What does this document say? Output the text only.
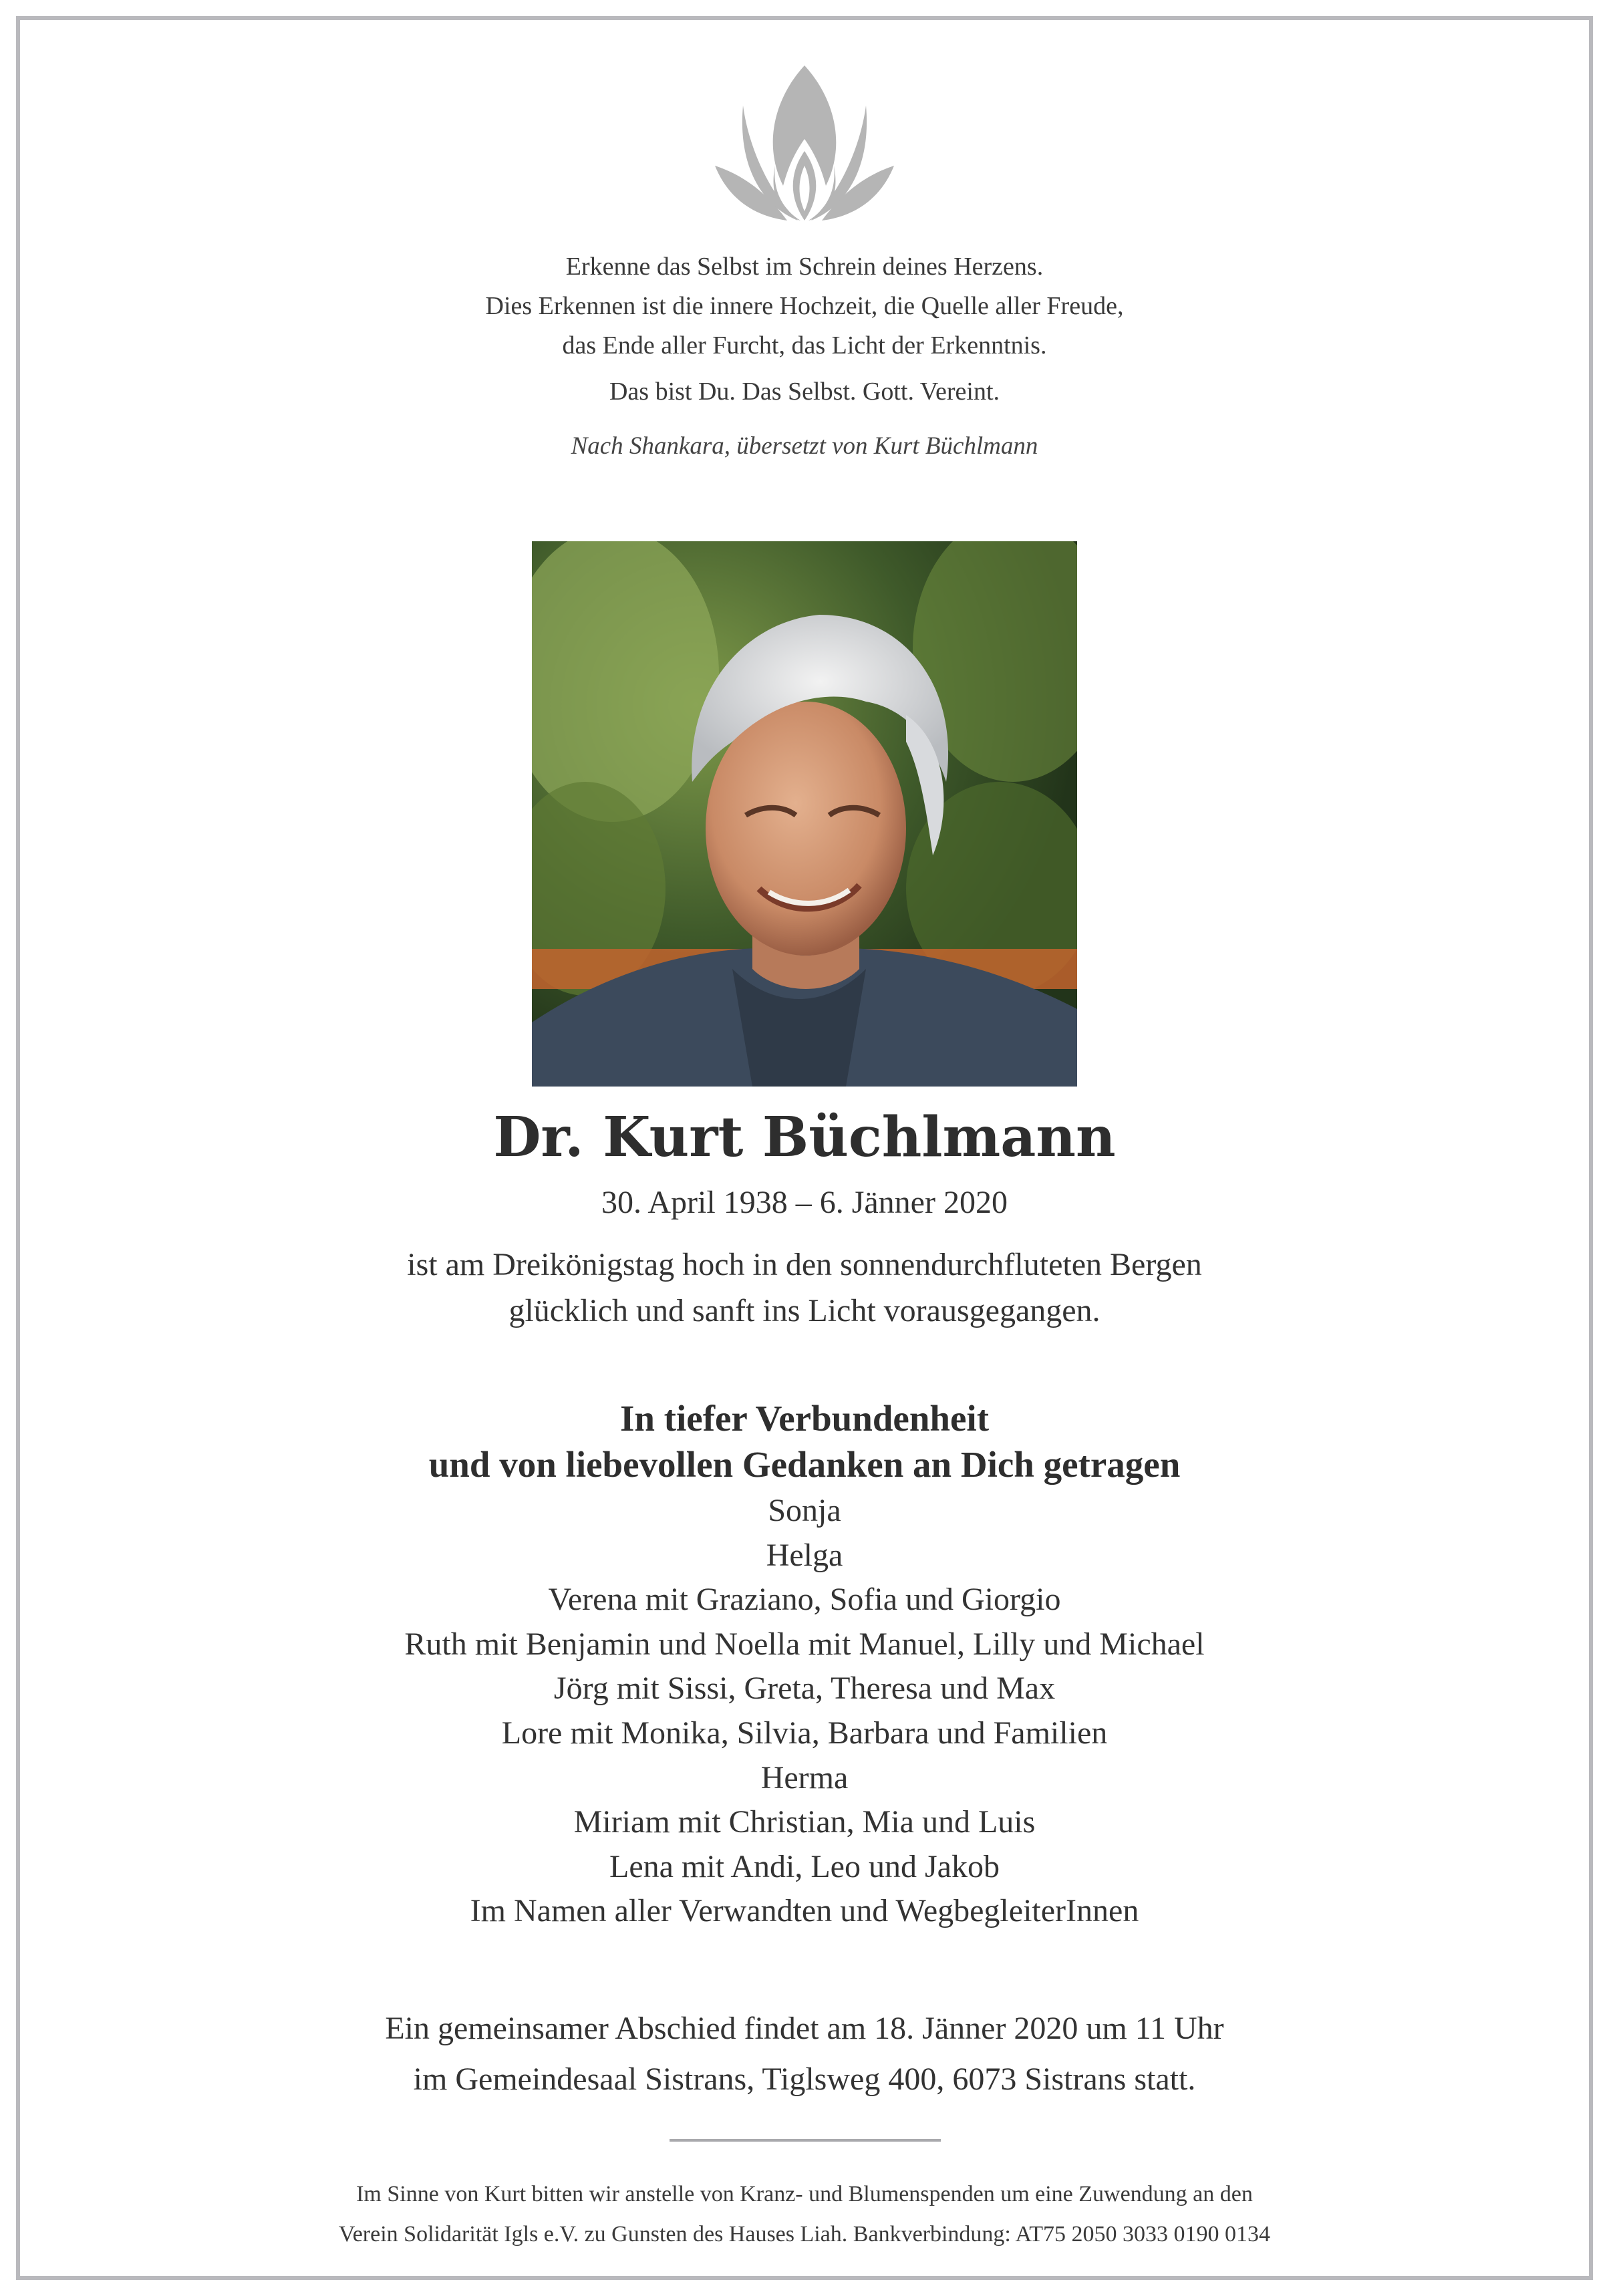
Erkenne das Selbst im Schrein deines Herzens.
Dies Erkennen ist die innere Hochzeit, die Quelle aller Freude,
das Ende aller Furcht, das Licht der Erkenntnis.
Das bist Du. Das Selbst. Gott. Vereint.
Nach Shankara, übersetzt von Kurt Büchlmann
Dr. Kurt Büchlmann
30. April 1938 – 6. Jänner 2020
ist am Dreikönigstag hoch in den sonnendurchfluteten Bergen
glücklich und sanft ins Licht vorausgegangen.
In tiefer Verbundenheit
und von liebevollen Gedanken an Dich getragen
Sonja
Helga
Verena mit Graziano, Sofia und Giorgio
Ruth mit Benjamin und Noella mit Manuel, Lilly und Michael
Jörg mit Sissi, Greta, Theresa und Max
Lore mit Monika, Silvia, Barbara und Familien
Herma
Miriam mit Christian, Mia und Luis
Lena mit Andi, Leo und Jakob
Im Namen aller Verwandten und WegbegleiterInnen
Ein gemeinsamer Abschied findet am 18. Jänner 2020 um 11 Uhr
im Gemeindesaal Sistrans, Tiglsweg 400, 6073 Sistrans statt.
Im Sinne von Kurt bitten wir anstelle von Kranz- und Blumenspenden um eine Zuwendung an den
Verein Solidarität Igls e.V. zu Gunsten des Hauses Liah. Bankverbindung: AT75 2050 3033 0190 0134
